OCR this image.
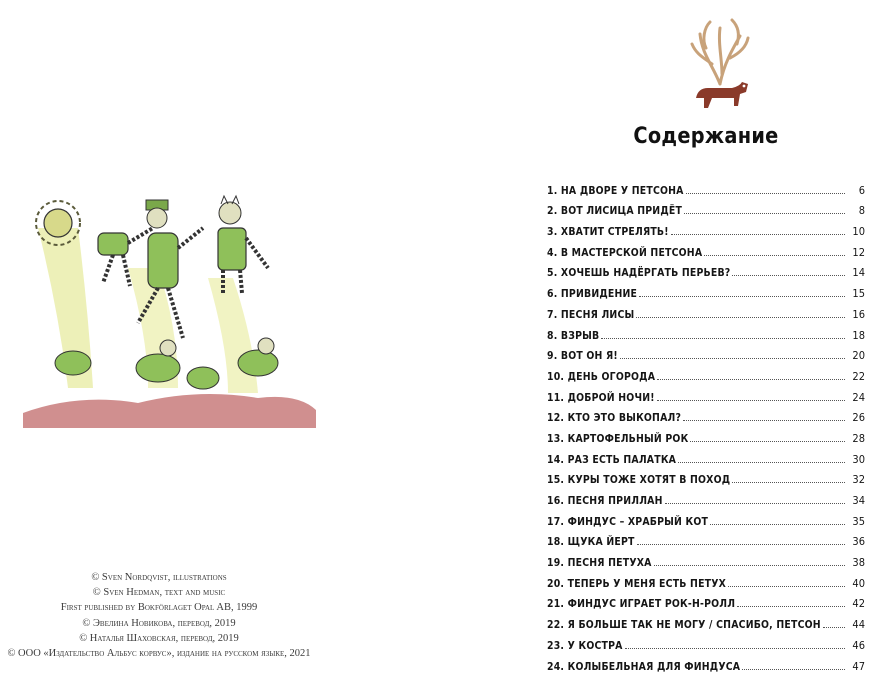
© Sven Nordqvist, illustrations
© Sven Hedman, text and music
First published by Bokförlaget Opal AB, 1999
© Эвелина Новикова, перевод, 2019
© Наталья Шаховская, перевод, 2019
© ООО «Издательство Альбус корвус», издание на русском языке, 2021
Содержание
1. НА ДВОРЕ У ПЕТСОНА	6
2. ВОТ ЛИСИЦА ПРИДЁТ	8
3. ХВАТИТ СТРЕЛЯТЬ!	10
4. В МАСТЕРСКОЙ ПЕТСОНА	12
5. ХОЧЕШЬ НАДЁРГАТЬ ПЕРЬЕВ?	14
6. ПРИВИДЕНИЕ	15
7. ПЕСНЯ ЛИСЫ	16
8. ВЗРЫВ	18
9. ВОТ ОН Я!	20
10. ДЕНЬ ОГОРОДА	22
11. ДОБРОЙ НОЧИ!	24
12. КТО ЭТО ВЫКОПАЛ?	26
13. КАРТОФЕЛЬНЫЙ РОК	28
14. РАЗ ЕСТЬ ПАЛАТКА	30
15. КУРЫ ТОЖЕ ХОТЯТ В ПОХОД	32
16. ПЕСНЯ ПРИЛЛАН	34
17. ФИНДУС – ХРАБРЫЙ КОТ	35
18. ЩУКА ЙЕРТ	36
19. ПЕСНЯ ПЕТУХА	38
20. ТЕПЕРЬ У МЕНЯ ЕСТЬ ПЕТУХ	40
21. ФИНДУС ИГРАЕТ РОК-Н-РОЛЛ	42
22. Я БОЛЬШЕ ТАК НЕ МОГУ / СПАСИБО, ПЕТСОН	44
23. У КОСТРА	46
24. КОЛЫБЕЛЬНАЯ ДЛЯ ФИНДУСА	47
